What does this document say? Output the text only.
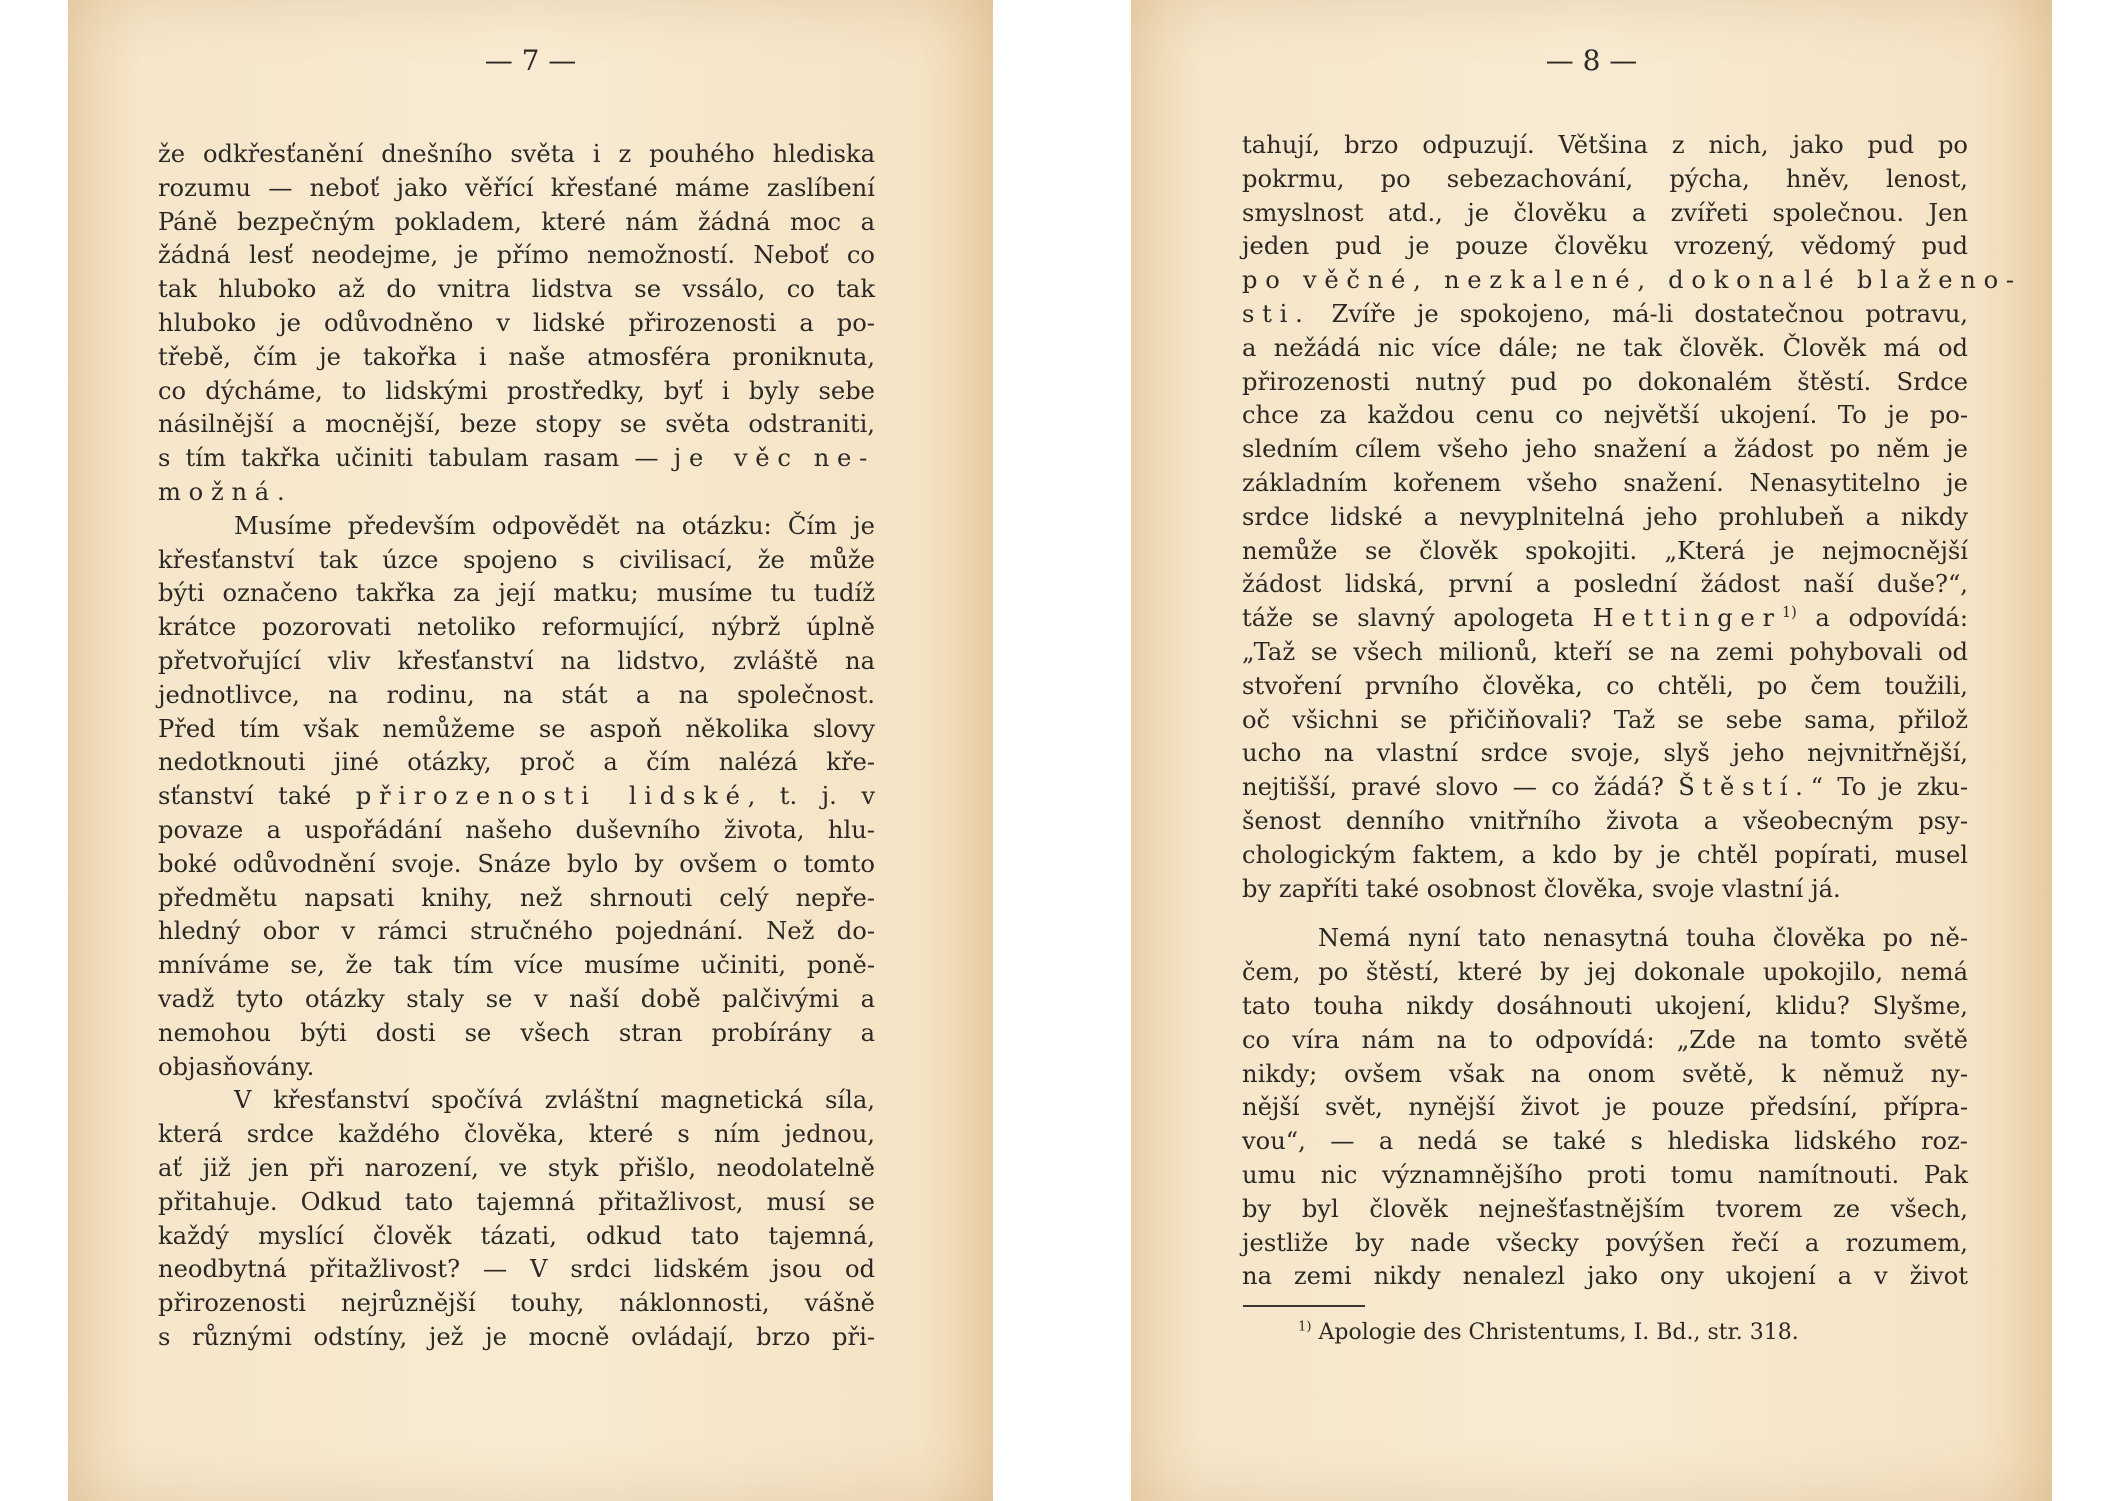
— 7 —
že odkřesťanění dnešního světa i z pouhého hlediska
rozumu — neboť jako věřící křesťané máme zaslíbení
Páně bezpečným pokladem, které nám žádná moc a
žádná lesť neodejme, je přímo nemožností. Neboť co
tak hluboko až do vnitra lidstva se vssálo, co tak
hluboko je odůvodněno v lidské přirozenosti a po-
třebě, čím je takořka i naše atmosféra proniknuta,
co dýcháme, to lidskými prostředky, byť i byly sebe
násilnější a mocnější, beze stopy se světa odstraniti,
s tím takřka učiniti tabulam rasam — je věc ne-
možná.
Musíme především odpovědět na otázku: Čím je
křesťanství tak úzce spojeno s civilisací, že může
býti označeno takřka za její matku; musíme tu tudíž
krátce pozorovati netoliko reformující, nýbrž úplně
přetvořující vliv křesťanství na lidstvo, zvláště na
jednotlivce, na rodinu, na stát a na společnost.
Před tím však nemůžeme se aspoň několika slovy
nedotknouti jiné otázky, proč a čím nalézá kře-
sťanství také přirozenosti lidské, t. j. v
povaze a uspořádání našeho duševního života, hlu-
boké odůvodnění svoje. Snáze bylo by ovšem o tomto
předmětu napsati knihy, než shrnouti celý nepře-
hledný obor v rámci stručného pojednání. Než do-
mníváme se, že tak tím více musíme učiniti, poně-
vadž tyto otázky staly se v naší době palčivými a
nemohou býti dosti se všech stran probírány a
objasňovány.
V křesťanství spočívá zvláštní magnetická síla,
která srdce každého člověka, které s ním jednou,
ať již jen při narození, ve styk přišlo, neodolatelně
přitahuje. Odkud tato tajemná přitažlivost, musí se
každý myslící člověk tázati, odkud tato tajemná,
neodbytná přitažlivost? — V srdci lidském jsou od
přirozenosti nejrůznější touhy, náklonnosti, vášně
s různými odstíny, jež je mocně ovládají, brzo při-
— 8 —
tahují, brzo odpuzují. Většina z nich, jako pud po
pokrmu, po sebezachování, pýcha, hněv, lenost,
smyslnost atd., je člověku a zvířeti společnou. Jen
jeden pud je pouze člověku vrozený, vědomý pud
po věčné, nezkalené, dokonalé blaženo-
sti. Zvíře je spokojeno, má-li dostatečnou potravu,
a nežádá nic více dále; ne tak člověk. Člověk má od
přirozenosti nutný pud po dokonalém štěstí. Srdce
chce za každou cenu co největší ukojení. To je po-
sledním cílem všeho jeho snažení a žádost po něm je
základním kořenem všeho snažení. Nenasytitelno je
srdce lidské a nevyplnitelná jeho prohlubeň a nikdy
nemůže se člověk spokojiti. „Která je nejmocnější
žádost lidská, první a poslední žádost naší duše?“,
táže se slavný apologeta Hettinger$^{1)}$ a odpovídá:
„Taž se všech milionů, kteří se na zemi pohybovali od
stvoření prvního člověka, co chtěli, po čem toužili,
oč všichni se přičiňovali? Taž se sebe sama, přilož
ucho na vlastní srdce svoje, slyš jeho nejvnitřnější,
nejtišší, pravé slovo — co žádá? Štěstí.“ To je zku-
šenost denního vnitřního života a všeobecným psy-
chologickým faktem, a kdo by je chtěl popírati, musel
by zapříti také osobnost člověka, svoje vlastní já.
Nemá nyní tato nenasytná touha člověka po ně-
čem, po štěstí, které by jej dokonale upokojilo, nemá
tato touha nikdy dosáhnouti ukojení, klidu? Slyšme,
co víra nám na to odpovídá: „Zde na tomto světě
nikdy; ovšem však na onom světě, k němuž ny-
nější svět, nynější život je pouze předsíní, přípra-
vou“, — a nedá se také s hlediska lidského roz-
umu nic významnějšího proti tomu namítnouti. Pak
by byl člověk nejnešťastnějším tvorem ze všech,
jestliže by nade všecky povýšen řečí a rozumem,
na zemi nikdy nenalezl jako ony ukojení a v život
$^{1)}$ Apologie des Christentums, I. Bd., str. 318.
